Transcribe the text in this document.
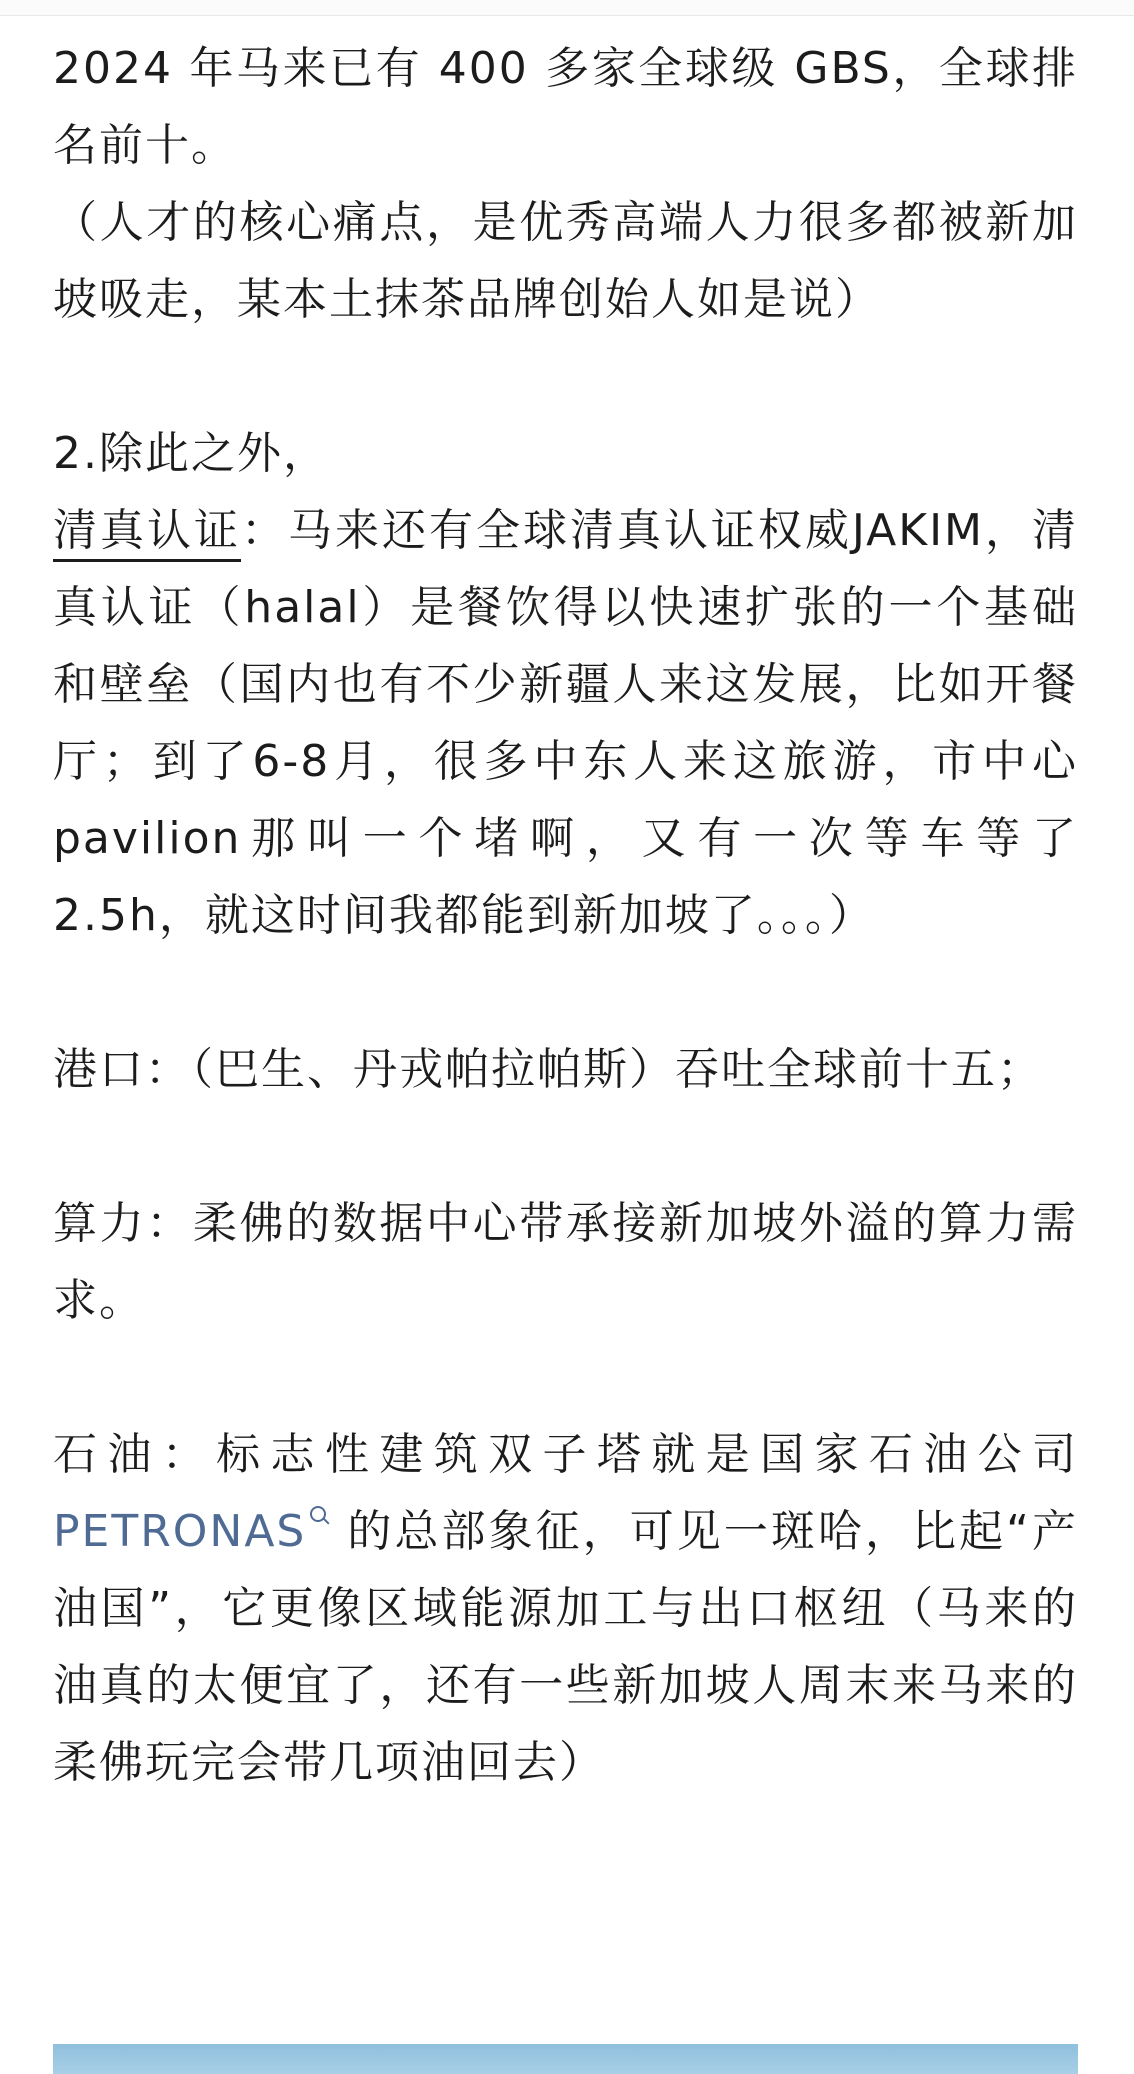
2024 年马来已有 400 多家全球级 GBS，全球排名前十。

（人才的核心痛点，是优秀高端人力很多都被新加坡吸走，某本土抹茶品牌创始人如是说）

2.除此之外，

清真认证：马来还有全球清真认证权威JAKIM，清真认证（halal）是餐饮得以快速扩张的一个基础和壁垒（国内也有不少新疆人来这发展，比如开餐厅；到了6-8月，很多中东人来这旅游，市中心pavilion那叫一个堵啊，又有一次等车等了2.5h，就这时间我都能到新加坡了。。。）

港口：（巴生、丹戎帕拉帕斯）吞吐全球前十五；

算力：柔佛的数据中心带承接新加坡外溢的算力需求。

石油：标志性建筑双子塔就是国家石油公司PETRONAS 的总部象征，可见一斑哈，比起“产油国”，它更像区域能源加工与出口枢纽（马来的油真的太便宜了，还有一些新加坡人周末来马来的柔佛玩完会带几项油回去）
